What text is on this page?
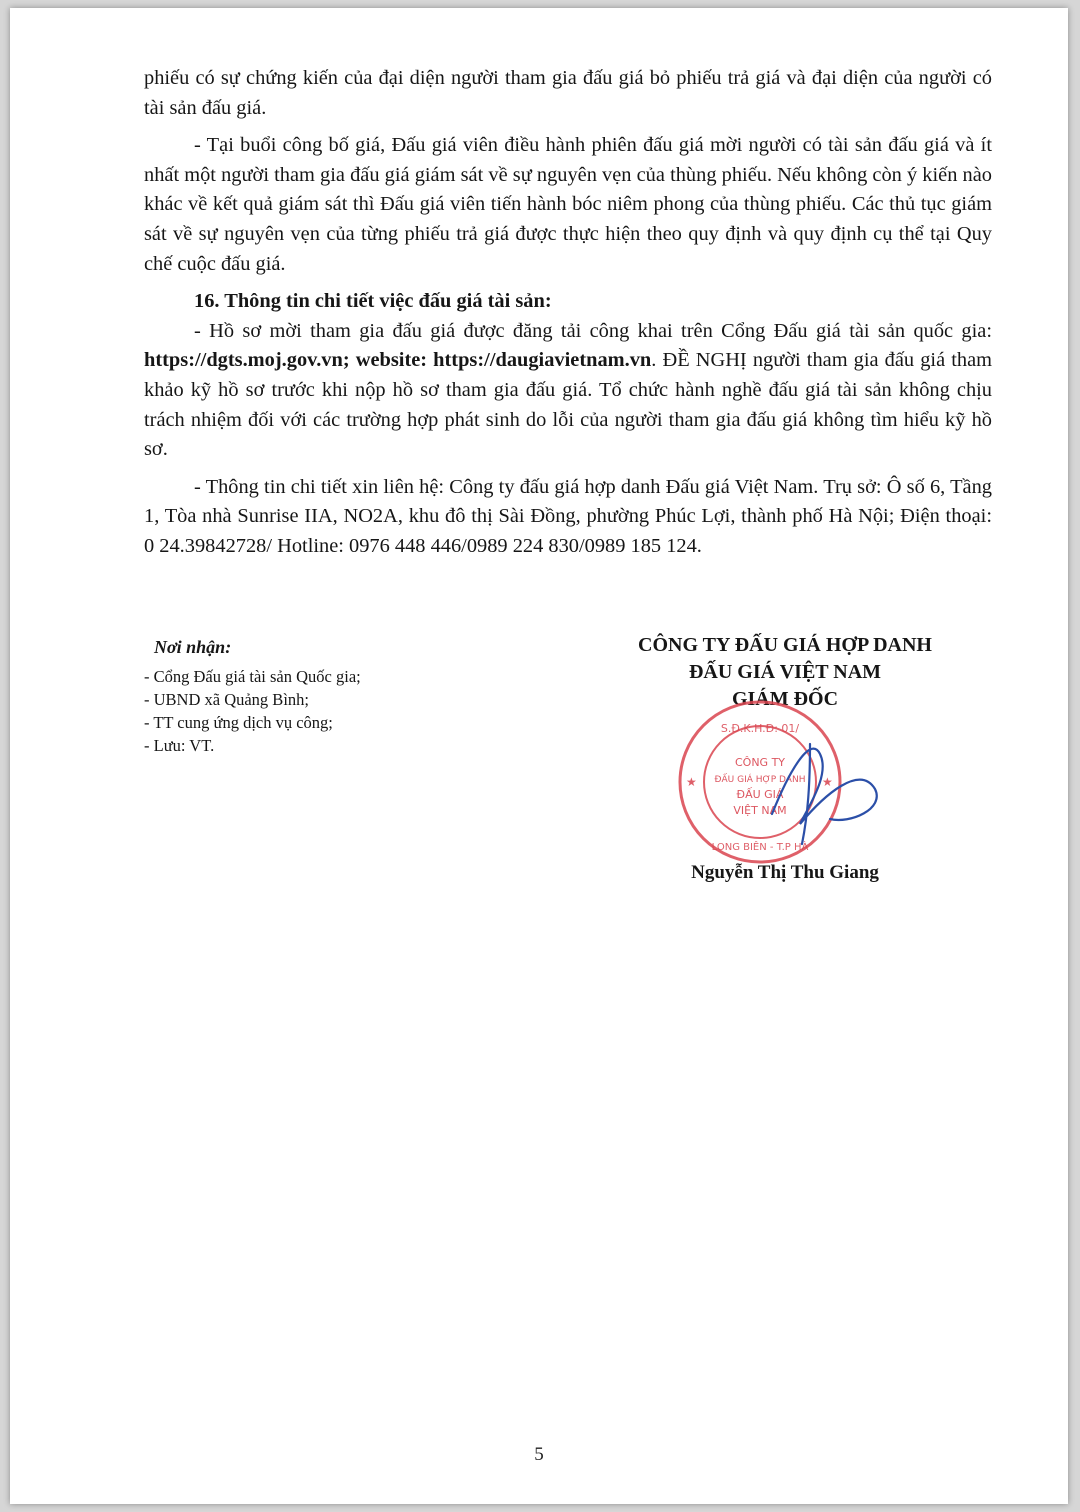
phiếu có sự chứng kiến của đại diện người tham gia đấu giá bỏ phiếu trả giá và đại diện của người có tài sản đấu giá.

- Tại buổi công bố giá, Đấu giá viên điều hành phiên đấu giá mời người có tài sản đấu giá và ít nhất một người tham gia đấu giá giám sát về sự nguyên vẹn của thùng phiếu. Nếu không còn ý kiến nào khác về kết quả giám sát thì Đấu giá viên tiến hành bóc niêm phong của thùng phiếu. Các thủ tục giám sát về sự nguyên vẹn của từng phiếu trả giá được thực hiện theo quy định và quy định cụ thể tại Quy chế cuộc đấu giá.

16. Thông tin chi tiết việc đấu giá tài sản:

- Hồ sơ mời tham gia đấu giá được đăng tải công khai trên Cổng Đấu giá tài sản quốc gia: https://dgts.moj.gov.vn; website: https://daugiavietnam.vn. ĐỀ NGHỊ người tham gia đấu giá tham khảo kỹ hồ sơ trước khi nộp hồ sơ tham gia đấu giá. Tổ chức hành nghề đấu giá tài sản không chịu trách nhiệm đối với các trường hợp phát sinh do lỗi của người tham gia đấu giá không tìm hiểu kỹ hồ sơ.

- Thông tin chi tiết xin liên hệ: Công ty đấu giá hợp danh Đấu giá Việt Nam. Trụ sở: Ô số 6, Tầng 1, Tòa nhà Sunrise IIA, NO2A, khu đô thị Sài Đồng, phường Phúc Lợi, thành phố Hà Nội; Điện thoại: 0 24.39842728/ Hotline: 0976 448 446/0989 224 830/0989 185 124.

Nơi nhận:

- Cổng Đấu giá tài sản Quốc gia;

- UBND xã Quảng Bình;

- TT cung ứng dịch vụ công;

- Lưu: VT.

CÔNG TY ĐẤU GIÁ HỢP DANH

ĐẤU GIÁ VIỆT NAM

GIÁM ĐỐC

S.Đ.K.H.Đ: 01/
LONG BIÊN - T.P HÀ
CÔNG TY
ĐẤU GIÁ HỢP DANH
ĐẤU GIÁ
VIỆT NAM
★	★
Nguyễn Thị Thu Giang
5
